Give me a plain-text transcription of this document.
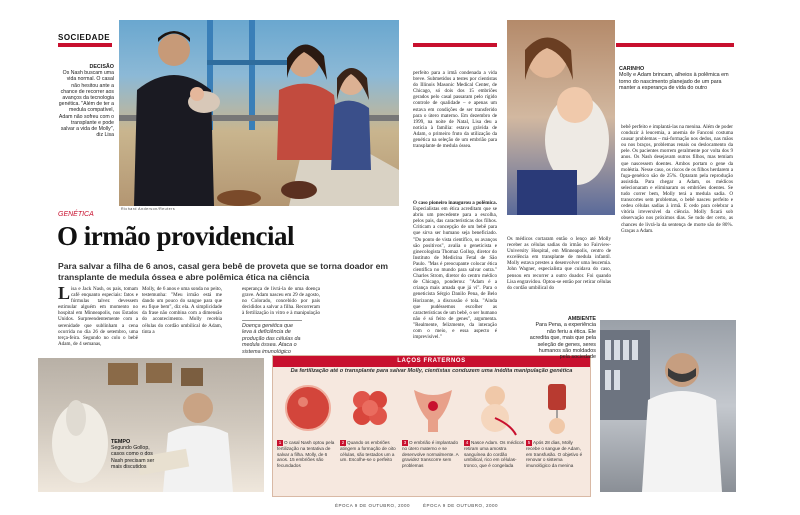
SOCIEDADE
Richard Anderson/Reuters
DECISÃO
Os Nash buscam uma vida normal. O casal não hesitou ante a chance de recorrer aos avanços da tecnologia genética. "Além de ter a medula compatível, Adam não sofreu com o transplante e pode salvar a vida de Molly", diz Lisa
GENÉTICA
O irmão providencial
Para salvar a filha de 6 anos, casal gera bebê de proveta que se torna doador em transplante de medula óssea e abre polêmica ética na ciência
L isa e Jack Nash, os pais, tomam café enquanto especiais: fatos e fórmulas talvez devessem estimular alguém em momento no hospital em Minneapolis, nos Estados Unidos. Surpreendentemente com a serenidade que sublinham a cena ocorrida no dia 26 de setembro, uma terça-feira. Segundo no colo o bebê Adam, de 4 semanas,
Molly, de 6 anos e uma sonda no peito, testemunha: "Meu irmão está me dando um pouco do sangue para que eu fique bem", diz ela. A simplicidade da frase não combina com a dimensão do acontecimento. Molly recebia células do cordão umbilical de Adam, tinta a
Doença genética que leva à deficiência de produção das células da medula óssea. Ataca o sistema imunológico
esperança de livrá-la de uma doença grave. Adam nasceu em 29 de agosto, no Colorado, concebido por pais decididos a salvar a filha. Recorreram à fertilização in vitro e à manipulação
perfeito para a irmã condenada a vida breve. Submetidos a testes por cientistas do Illinois Masonic Medical Center, de Chicago, só dois dos 15 embriões gerados pelo casal passaram pelo rígido controle de qualidade – e apenas um estava em condições de ser transferido para o útero materno. Em dezembro de 1999, na noite de Natal, Lisa deu a notícia à família: estava grávida de Adam, o primeiro fruto da utilização da genética na seleção de um embrião para transplante de medula óssea.
O caso pioneiro inaugurou a polêmica. Especialistas em ética acreditam que se abriu um precedente para a escolha, pelos pais, das características dos filhos. Criticam a concepção de um bebê para que sirva ser humano seja beneficiado. "Do ponto de vista científico, os avanços são positivos", avalia o geneticista e ginecologista Thomaz Gollop, diretor do Instituto de Medicina Fetal de São Paulo. "Mas é preocupante colocar ética científica no mundo para salvar outra." Charles Strom, diretor do centro médico de Chicago, ponderou: "Adam é a criança mais amada que já vi". Para o geneticista Sérgio Danilo Pena, de Belo Horizonte, a discussão é tola. "Ainda que pudéssemos escolher as características de um bebê, o ser humano não é só feito de genes", argumenta. "Realmente, felizmente, da interação com o meio, e essa aspecto é imprevisível."
TEMPO
Segundo Gollop, casos como o dos Nash precisam ser mais discutidos
ÉPOCA 9 DE OUTUBRO, 2000
LAÇOS FRATERNOS
Da fertilização até o transplante para salvar Molly, cientistas conduzem uma inédita manipulação genética
1 O casal Nash optou pela fertilização na tentativa de salvar a filha. Molly, de 6 anos. 15 embriões são fecundados
2 Quando os embriões atingem a formação de oito células, são testados um a um. Escolhe-se o perfeito
3 O embrião é implantado no útero materno e se desenvolve normalmente. A gravidez transcorre sem problemas
4 Nasce Adam. Os médicos retiram uma amostra sanguínea do cordão umbilical, rico em células-tronco, que é congelada
5 Após 28 dias, Molly recebe o sangue de Adam, em transfusão. O objetivo é renovar o sistema imunológico da menina
CARINHO
Molly e Adam brincam, alheios à polêmica em torno do nascimento planejado de um para manter a esperança de vida do outro
Os médicos cortaram então o lenço até Molly receber as células sadias do irmão no Fairview-University Hospital, em Minneapolis, centro de excelência em transplante de medula infantil. Molly estava prestes a desenvolver uma leucemia. John Wagner, especialista que cuidava do caso, pensou em recorrer a outro doador. Foi quando Lisa engravidou. Optou-se então por retirar células do cordão umbilical do
bebê perfeito e implantá-las na menina. Além de poder conduzir à leucemia, a anemia de Fanconi costuma causar problemas – má-formação nos dedos, nas mãos ou nos braços, problemas renais ou deslocamento da pele. Os pacientes morrem geralmente por volta dos 9 anos. Os Nash desejavam outros filhos, mas temiam que nascessem doentes. Ambos portam o gene da moléstia. Nesse caso, os riscos de os filhos herdarem a fuga-genético são de 25%. Optaram pela reprodução assistida. Para chegar a Adam, os médicos selecionaram e eliminaram os embriões doentes. Se tudo correr bem, Molly terá a medula sadia. O transcortes sem problemas, o bebê nasceu perfeito e cedeu células sadias à irmã. E cedo para celebrar a vitória irreversível da ciência. Molly ficará sob observação nos próximos dias. Se tudo der certo, as chances de livrá-la da sentença de morte são de 80%. Graças a Adam.
AMBIENTE
Para Pena, a experiência não feriu a ética. Ele acredita que, mais que pela seleção de genes, seres humanos são moldados pela sociedade
ÉPOCA 9 DE OUTUBRO, 2000
